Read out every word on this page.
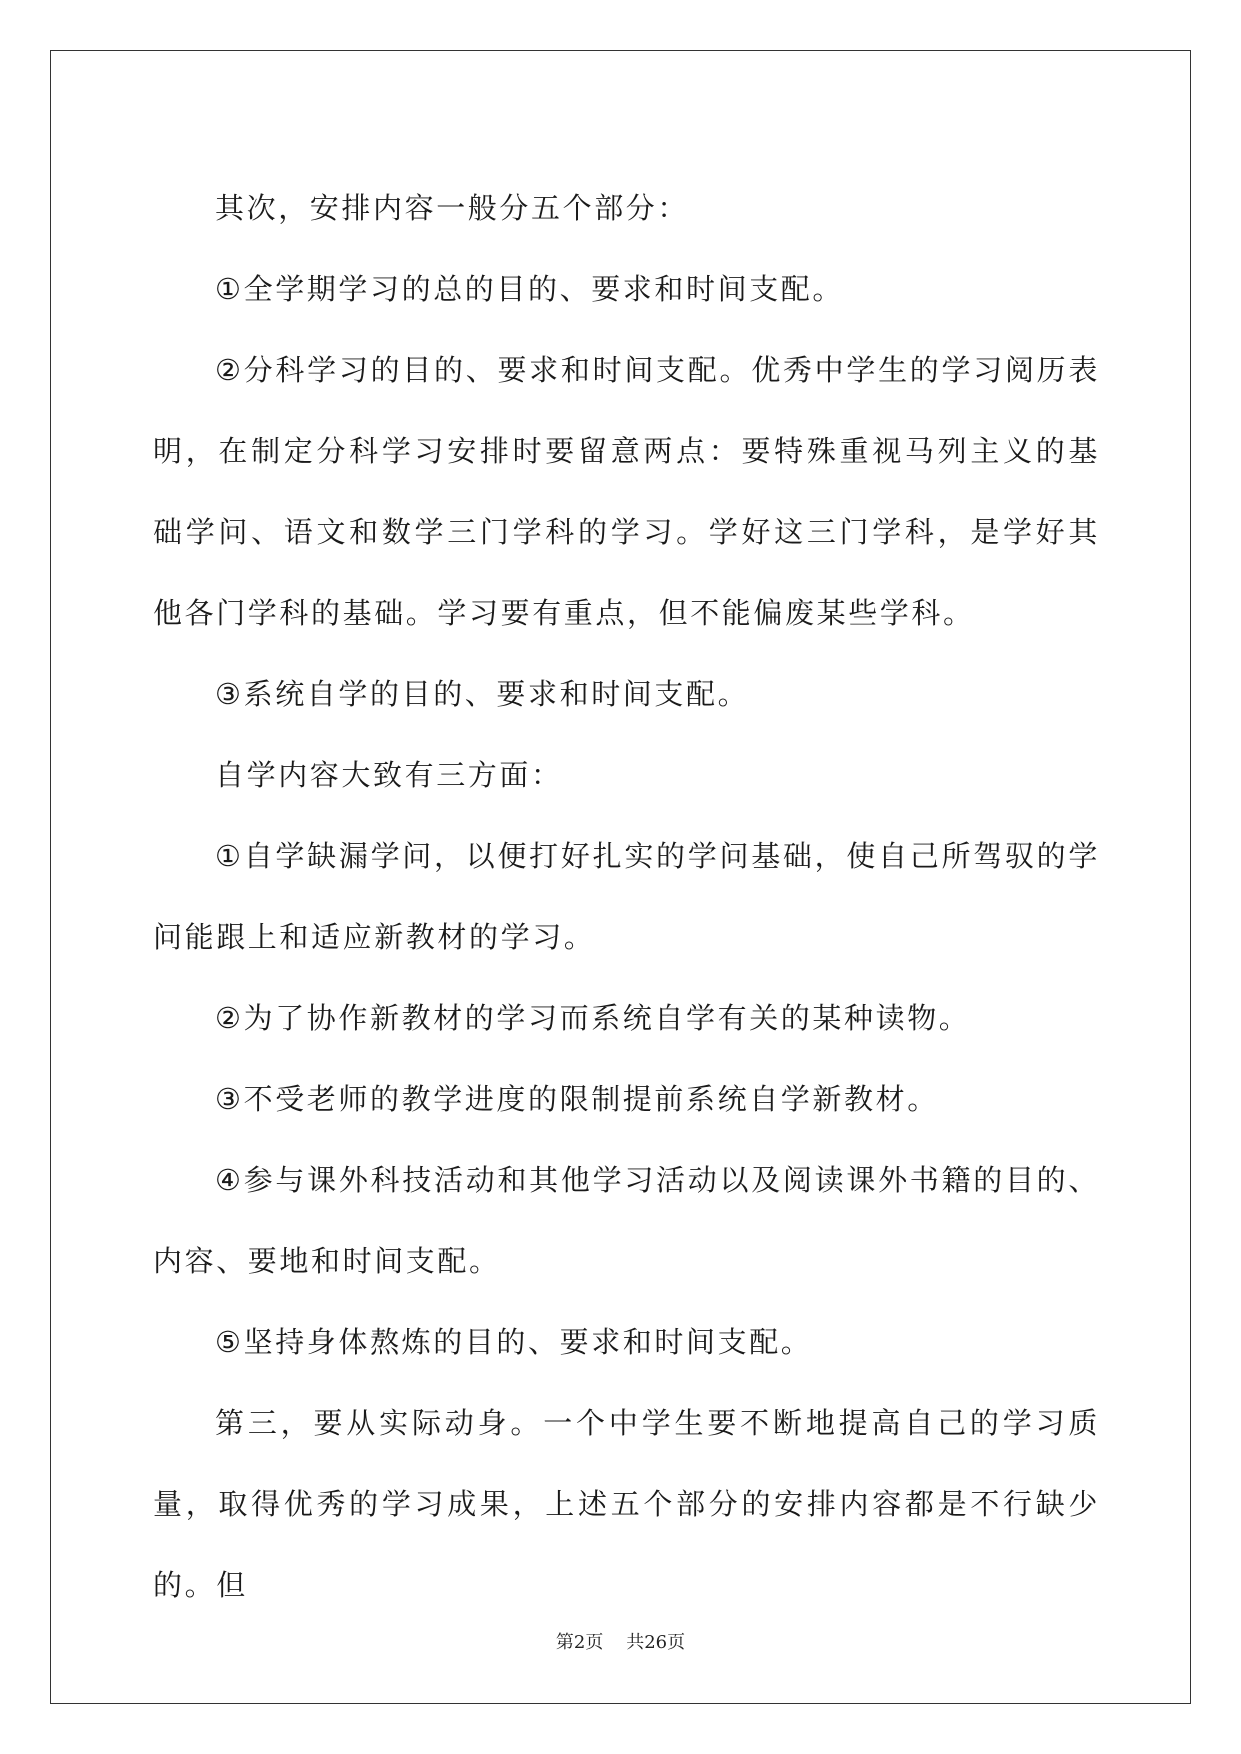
其次，安排内容一般分五个部分：

①全学期学习的总的目的、要求和时间支配。

②分科学习的目的、要求和时间支配。优秀中学生的学习阅历表明，在制定分科学习安排时要留意两点：要特殊重视马列主义的基础学问、语文和数学三门学科的学习。学好这三门学科，是学好其他各门学科的基础。学习要有重点，但不能偏废某些学科。

③系统自学的目的、要求和时间支配。

自学内容大致有三方面：

①自学缺漏学问，以便打好扎实的学问基础，使自己所驾驭的学问能跟上和适应新教材的学习。

②为了协作新教材的学习而系统自学有关的某种读物。

③不受老师的教学进度的限制提前系统自学新教材。

④参与课外科技活动和其他学习活动以及阅读课外书籍的目的、内容、要地和时间支配。

⑤坚持身体熬炼的目的、要求和时间支配。

第三，要从实际动身。一个中学生要不断地提高自己的学习质量，取得优秀的学习成果，上述五个部分的安排内容都是不行缺少的。但

第2页 共26页
